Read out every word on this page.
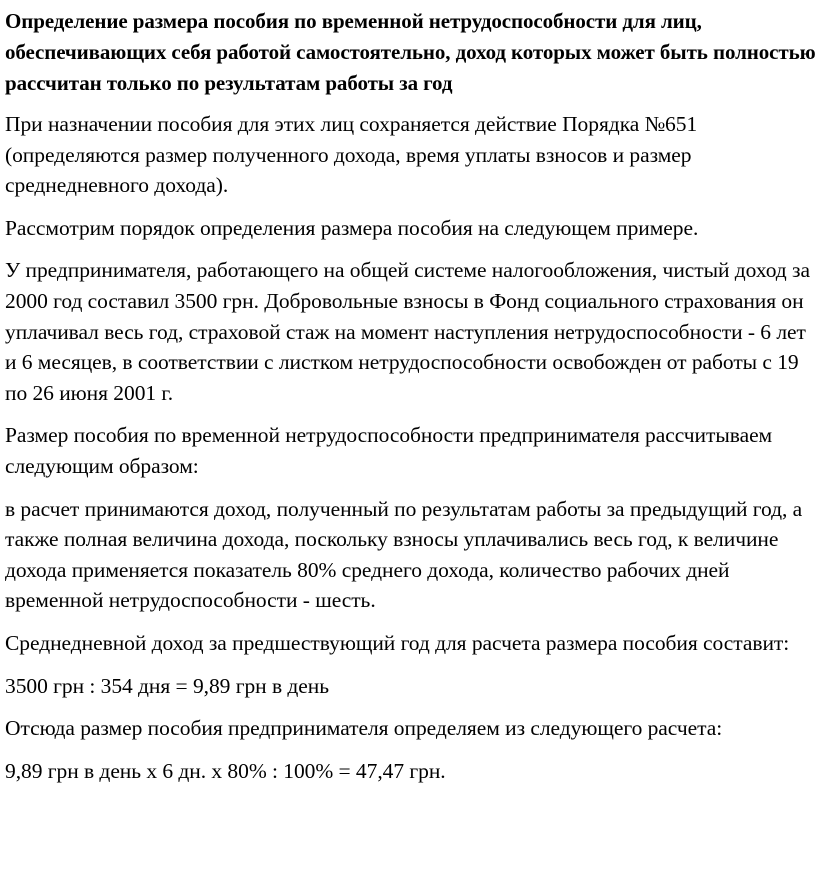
Определение размера пособия по временной нетрудоспособности для лиц, обеспечивающих себя работой самостоятельно, доход которых может быть полностью рассчитан только по результатам работы за год

При назначении пособия для этих лиц сохраняется действие Порядка №651 (определяются размер полученного дохода, время уплаты взносов и размер среднедневного дохода).

Рассмотрим порядок определения размера пособия на следующем примере.

У предпринимателя, работающего на общей системе налогообложения, чистый доход за 2000 год составил 3500 грн. Добровольные взносы в Фонд социального страхования он уплачивал весь год, страховой стаж на момент наступления нетрудоспособности - 6 лет и 6 месяцев, в соответствии с листком нетрудоспособности освобожден от работы с 19 по 26 июня 2001 г.

Размер пособия по временной нетрудоспособности предпринимателя рассчитываем следующим образом:

в расчет принимаются доход, полученный по результатам работы за предыдущий год, а также полная величина дохода, поскольку взносы уплачивались весь год, к величине дохода применяется показатель 80% среднего дохода, количество рабочих дней временной нетрудоспособности - шесть.

Среднедневной доход за предшествующий год для расчета размера пособия составит:

3500 грн : 354 дня = 9,89 грн в день

Отсюда размер пособия предпринимателя определяем из следующего расчета:

9,89 грн в день х 6 дн. х 80% : 100% = 47,47 грн.
